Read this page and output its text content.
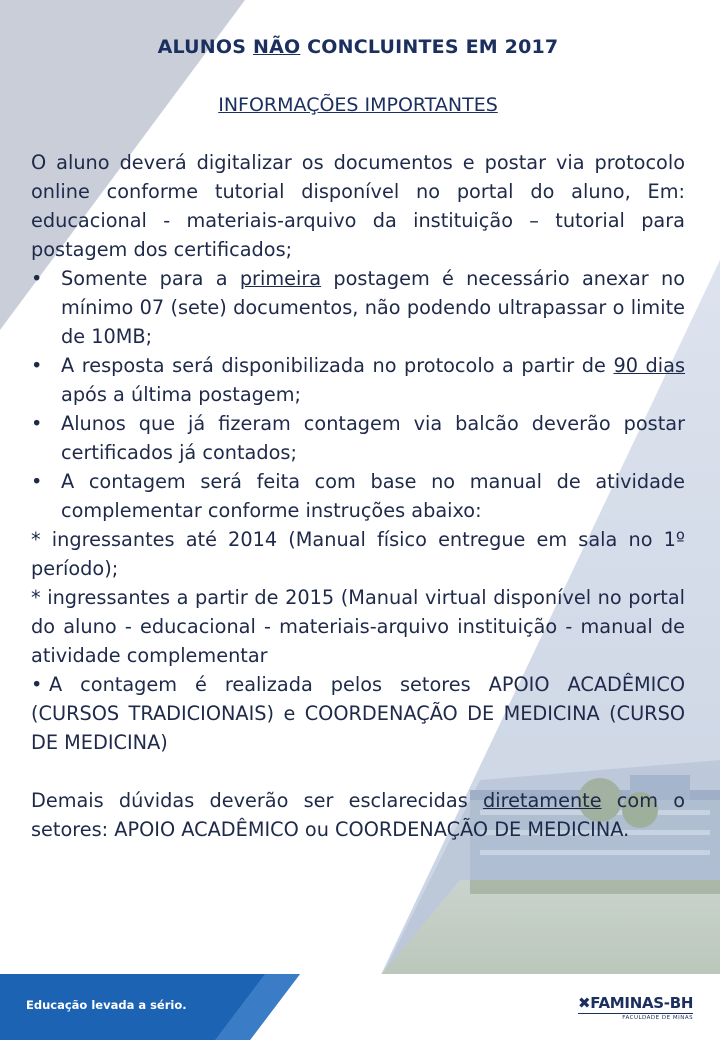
ALUNOS NÃO CONCLUINTES EM 2017
INFORMAÇÕES IMPORTANTES

O aluno deverá digitalizar os documentos e postar via protocolo online conforme tutorial disponível no portal do aluno, Em: educacional - materiais-arquivo da instituição – tutorial para postagem dos certificados;

• Somente para a primeira postagem é necessário anexar no mínimo 07 (sete) documentos, não podendo ultrapassar o limite de 10MB;

• A resposta será disponibilizada no protocolo a partir de 90 dias após a última postagem;

• Alunos que já fizeram contagem via balcão deverão postar certificados já contados;

• A contagem será feita com base no manual de atividade complementar conforme instruções abaixo:

* ingressantes até 2014 (Manual físico entregue em sala no 1º período);

* ingressantes a partir de 2015 (Manual virtual disponível no portal do aluno - educacional - materiais-arquivo instituição - manual de atividade complementar

• A contagem é realizada pelos setores APOIO ACADÊMICO

(CURSOS TRADICIONAIS) e COORDENAÇÃO DE MEDICINA (CURSO DE MEDICINA)

Demais dúvidas deverão ser esclarecidas diretamente com o setores: APOIO ACADÊMICO ou COORDENAÇÃO DE MEDICINA.

Educação levada a sério.	✖FAMINAS-BH
FACULDADE DE MINAS
